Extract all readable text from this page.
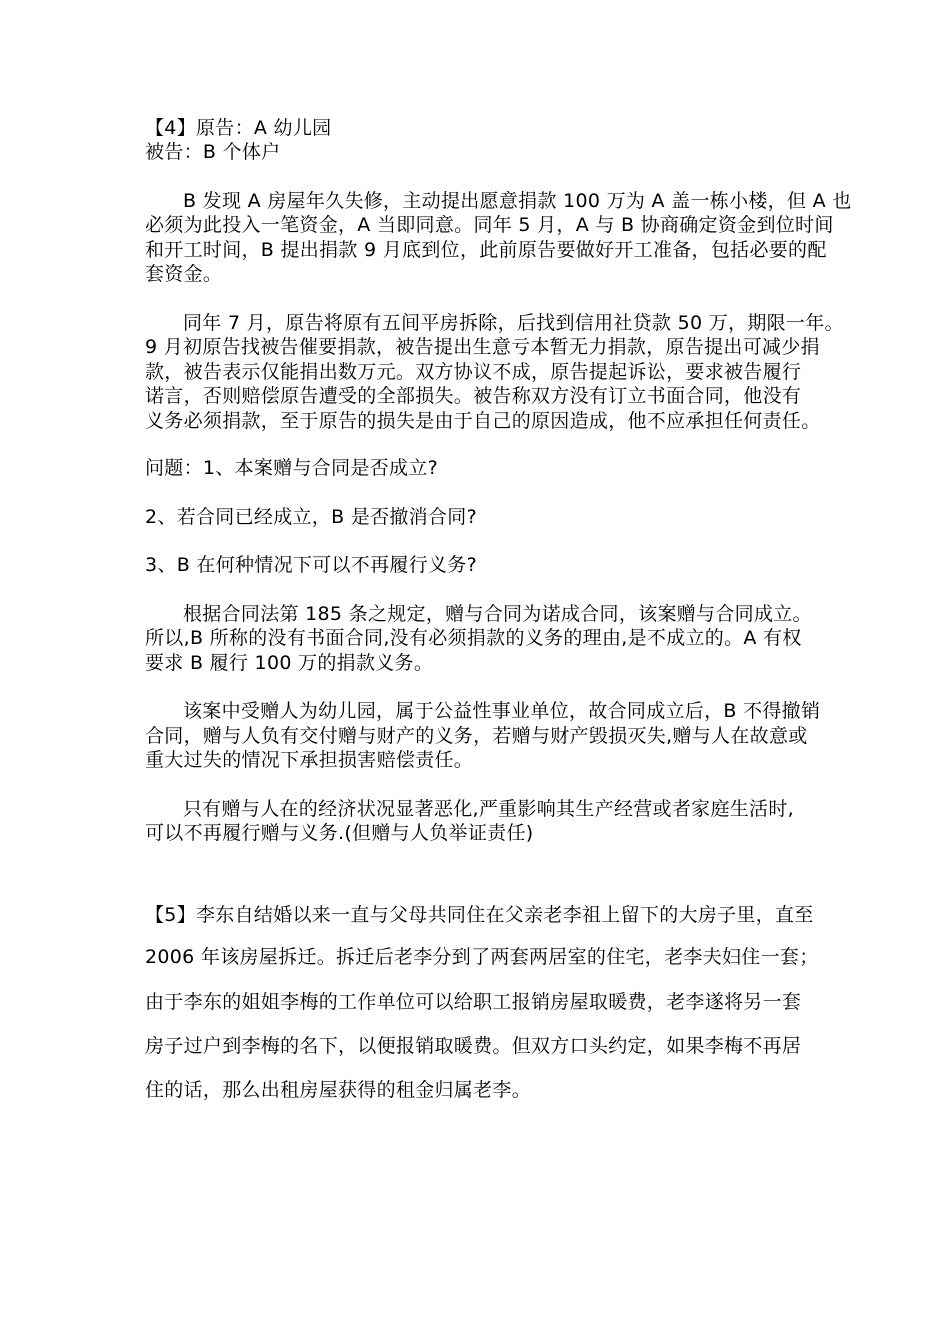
【4】原告：A 幼儿园
被告：B 个体户
B 发现 A 房屋年久失修，主动提出愿意捐款 100 万为 A 盖一栋小楼，但 A 也
必须为此投入一笔资金，A 当即同意。同年 5 月，A 与 B 协商确定资金到位时间
和开工时间，B 提出捐款 9 月底到位，此前原告要做好开工准备，包括必要的配
套资金。
同年 7 月，原告将原有五间平房拆除，后找到信用社贷款 50 万，期限一年。
9 月初原告找被告催要捐款，被告提出生意亏本暂无力捐款，原告提出可减少捐
款，被告表示仅能捐出数万元。双方协议不成，原告提起诉讼，要求被告履行
诺言，否则赔偿原告遭受的全部损失。被告称双方没有订立书面合同，他没有
义务必须捐款，至于原告的损失是由于自己的原因造成，他不应承担任何责任。
问题：1、本案赠与合同是否成立?
2、若合同已经成立，B 是否撤消合同?
3、B 在何种情况下可以不再履行义务?
根据合同法第 185 条之规定，赠与合同为诺成合同，该案赠与合同成立。
所以,B 所称的没有书面合同,没有必须捐款的义务的理由,是不成立的。A 有权
要求 B 履行 100 万的捐款义务。
该案中受赠人为幼儿园，属于公益性事业单位，故合同成立后，B 不得撤销
合同，赠与人负有交付赠与财产的义务，若赠与财产毁损灭失,赠与人在故意或
重大过失的情况下承担损害赔偿责任。
只有赠与人在的经济状况显著恶化,严重影响其生产经营或者家庭生活时,
可以不再履行赠与义务.(但赠与人负举证责任)
【5】李东自结婚以来一直与父母共同住在父亲老李祖上留下的大房子里，直至
2006 年该房屋拆迁。拆迁后老李分到了两套两居室的住宅，老李夫妇住一套；
由于李东的姐姐李梅的工作单位可以给职工报销房屋取暖费，老李遂将另一套
房子过户到李梅的名下，以便报销取暖费。但双方口头约定，如果李梅不再居
住的话，那么出租房屋获得的租金归属老李。
